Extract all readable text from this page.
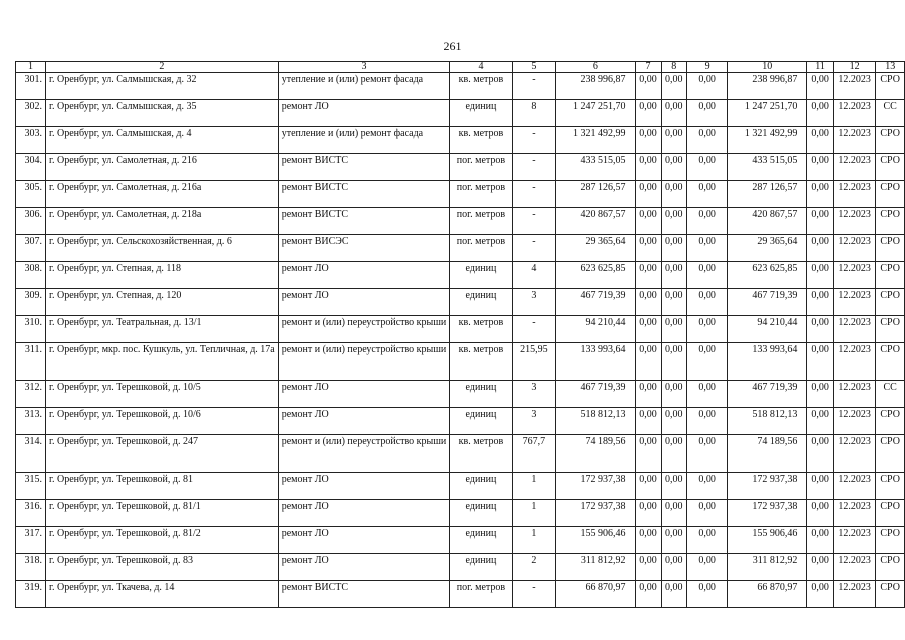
261
1	2	3	4	5	6	7	8	9	10	11	12	13
301.	г. Оренбург, ул. Салмышская, д. 32	утепление и (или) ремонт фасада	кв. метров	-	238 996,87	0,00	0,00	0,00	238 996,87	0,00	12.2023	СРО
302.	г. Оренбург, ул. Салмышская, д. 35	ремонт ЛО	единиц	8	1 247 251,70	0,00	0,00	0,00	1 247 251,70	0,00	12.2023	СС
303.	г. Оренбург, ул. Салмышская, д. 4	утепление и (или) ремонт фасада	кв. метров	-	1 321 492,99	0,00	0,00	0,00	1 321 492,99	0,00	12.2023	СРО
304.	г. Оренбург, ул. Самолетная, д. 216	ремонт ВИСТС	пог. метров	-	433 515,05	0,00	0,00	0,00	433 515,05	0,00	12.2023	СРО
305.	г. Оренбург, ул. Самолетная, д. 216а	ремонт ВИСТС	пог. метров	-	287 126,57	0,00	0,00	0,00	287 126,57	0,00	12.2023	СРО
306.	г. Оренбург, ул. Самолетная, д. 218а	ремонт ВИСТС	пог. метров	-	420 867,57	0,00	0,00	0,00	420 867,57	0,00	12.2023	СРО
307.	г. Оренбург, ул. Сельскохозяйственная, д. 6	ремонт ВИСЭС	пог. метров	-	29 365,64	0,00	0,00	0,00	29 365,64	0,00	12.2023	СРО
308.	г. Оренбург, ул. Степная, д. 118	ремонт ЛО	единиц	4	623 625,85	0,00	0,00	0,00	623 625,85	0,00	12.2023	СРО
309.	г. Оренбург, ул. Степная, д. 120	ремонт ЛО	единиц	3	467 719,39	0,00	0,00	0,00	467 719,39	0,00	12.2023	СРО
310.	г. Оренбург, ул. Театральная, д. 13/1	ремонт и (или) переустройство крыши	кв. метров	-	94 210,44	0,00	0,00	0,00	94 210,44	0,00	12.2023	СРО
311.	г. Оренбург, мкр. пос. Кушкуль, ул. Тепличная, д. 17а	ремонт и (или) переустройство крыши	кв. метров	215,95	133 993,64	0,00	0,00	0,00	133 993,64	0,00	12.2023	СРО
312.	г. Оренбург, ул. Терешковой, д. 10/5	ремонт ЛО	единиц	3	467 719,39	0,00	0,00	0,00	467 719,39	0,00	12.2023	СС
313.	г. Оренбург, ул. Терешковой, д. 10/6	ремонт ЛО	единиц	3	518 812,13	0,00	0,00	0,00	518 812,13	0,00	12.2023	СРО
314.	г. Оренбург, ул. Терешковой, д. 247	ремонт и (или) переустройство крыши	кв. метров	767,7	74 189,56	0,00	0,00	0,00	74 189,56	0,00	12.2023	СРО
315.	г. Оренбург, ул. Терешковой, д. 81	ремонт ЛО	единиц	1	172 937,38	0,00	0,00	0,00	172 937,38	0,00	12.2023	СРО
316.	г. Оренбург, ул. Терешковой, д. 81/1	ремонт ЛО	единиц	1	172 937,38	0,00	0,00	0,00	172 937,38	0,00	12.2023	СРО
317.	г. Оренбург, ул. Терешковой, д. 81/2	ремонт ЛО	единиц	1	155 906,46	0,00	0,00	0,00	155 906,46	0,00	12.2023	СРО
318.	г. Оренбург, ул. Терешковой, д. 83	ремонт ЛО	единиц	2	311 812,92	0,00	0,00	0,00	311 812,92	0,00	12.2023	СРО
319.	г. Оренбург, ул. Ткачева, д. 14	ремонт ВИСТС	пог. метров	-	66 870,97	0,00	0,00	0,00	66 870,97	0,00	12.2023	СРО
